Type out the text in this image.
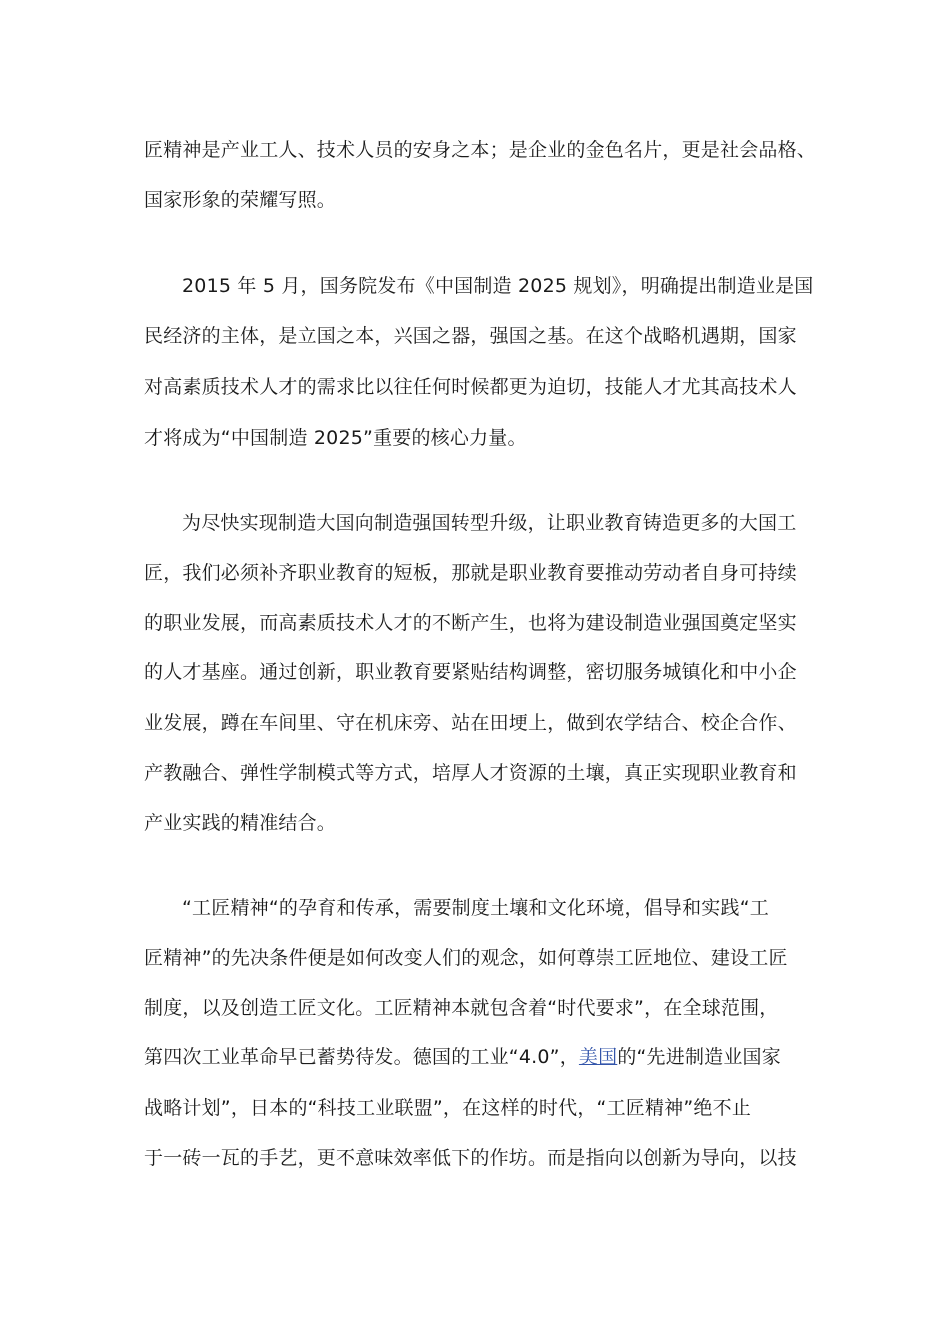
匠精神是产业工人、技术人员的安身之本；是企业的金色名片，更是社会品格、
国家形象的荣耀写照。
2015 年 5 月，国务院发布《中国制造 2025 规划》，明确提出制造业是国
民经济的主体，是立国之本，兴国之器，强国之基。在这个战略机遇期，国家
对高素质技术人才的需求比以往任何时候都更为迫切，技能人才尤其高技术人
才将成为“中国制造 2025”重要的核心力量。
为尽快实现制造大国向制造强国转型升级，让职业教育铸造更多的大国工
匠，我们必须补齐职业教育的短板，那就是职业教育要推动劳动者自身可持续
的职业发展，而高素质技术人才的不断产生，也将为建设制造业强国奠定坚实
的人才基座。通过创新，职业教育要紧贴结构调整，密切服务城镇化和中小企
业发展，蹲在车间里、守在机床旁、站在田埂上，做到农学结合、校企合作、
产教融合、弹性学制模式等方式，培厚人才资源的土壤，真正实现职业教育和
产业实践的精准结合。
“工匠精神“的孕育和传承，需要制度土壤和文化环境，倡导和实践“工
匠精神”的先决条件便是如何改变人们的观念，如何尊崇工匠地位、建设工匠
制度，以及创造工匠文化。工匠精神本就包含着“时代要求”，在全球范围，
第四次工业革命早已蓄势待发。德国的工业“4.0”，美国的“先进制造业国家
战略计划”，日本的“科技工业联盟”，在这样的时代，“工匠精神”绝不止
于一砖一瓦的手艺，更不意味效率低下的作坊。而是指向以创新为导向，以技
